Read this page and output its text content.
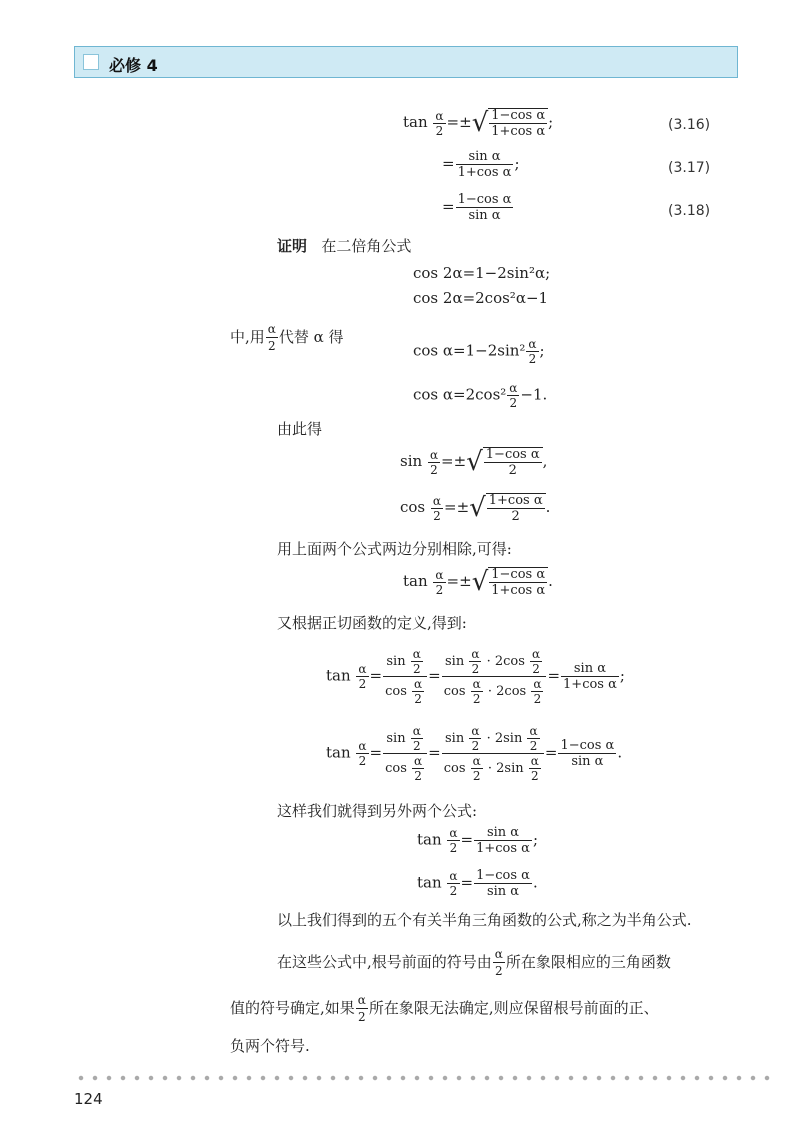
必修 4
$\tan \frac{\alpha}{2}$ =±√ $\frac{\text{1−cos α}}{\text{1+cos α}}$ ;	(3.16)
= $\frac{\text{sin α}}{\text{1+cos α}}$ ;	(3.17)
= $\frac{\text{1−cos α}}{\text{sin α}}$	(3.18)
证明 在二倍角公式
cos 2α=1−2sin²α;
cos 2α=2cos²α−1
中,用 $\frac{\alpha}{2}$ 代替 α 得
$\cos \alpha=1-2\sin^2 \frac{\alpha}{2}$ ;
$\cos \alpha=2\cos^2 \frac{\alpha}{2} -1$.
由此得
$\sin \frac{\alpha}{2}$ =±√ $\frac{\text{1−cos α}}{2}$ ,
$\cos \frac{\alpha}{2}$ =±√ $\frac{\text{1+cos α}}{2}$ .
用上面两个公式两边分别相除,可得:
$\tan \frac{\alpha}{2}$ =±√ $\frac{\text{1−cos α}}{\text{1+cos α}}$ .
又根据正切函数的定义,得到:
$\tan \frac{\alpha}{2} = \frac{\sin \frac{\alpha}{2}}{\cos \frac{\alpha}{2}} = \frac{\sin \frac{\alpha}{2} \cdot 2\cos \frac{\alpha}{2}}{\cos \frac{\alpha}{2} \cdot 2\cos \frac{\alpha}{2}} = \frac{\text{sin α}}{\text{1+cos α}}$ ;
$\tan \frac{\alpha}{2} = \frac{\sin \frac{\alpha}{2}}{\cos \frac{\alpha}{2}} = \frac{\sin \frac{\alpha}{2} \cdot 2\sin \frac{\alpha}{2}}{\cos \frac{\alpha}{2} \cdot 2\sin \frac{\alpha}{2}} = \frac{\text{1−cos α}}{\text{sin α}}$ .
这样我们就得到另外两个公式:
$\tan \frac{\alpha}{2} = \frac{\text{sin α}}{\text{1+cos α}}$ ;
$\tan \frac{\alpha}{2} = \frac{\text{1−cos α}}{\text{sin α}}$ .
以上我们得到的五个有关半角三角函数的公式,称之为半角公式.
在这些公式中,根号前面的符号由 $\frac{\alpha}{2}$ 所在象限相应的三角函数
值的符号确定,如果 $\frac{\alpha}{2}$ 所在象限无法确定,则应保留根号前面的正、
负两个符号.
124
